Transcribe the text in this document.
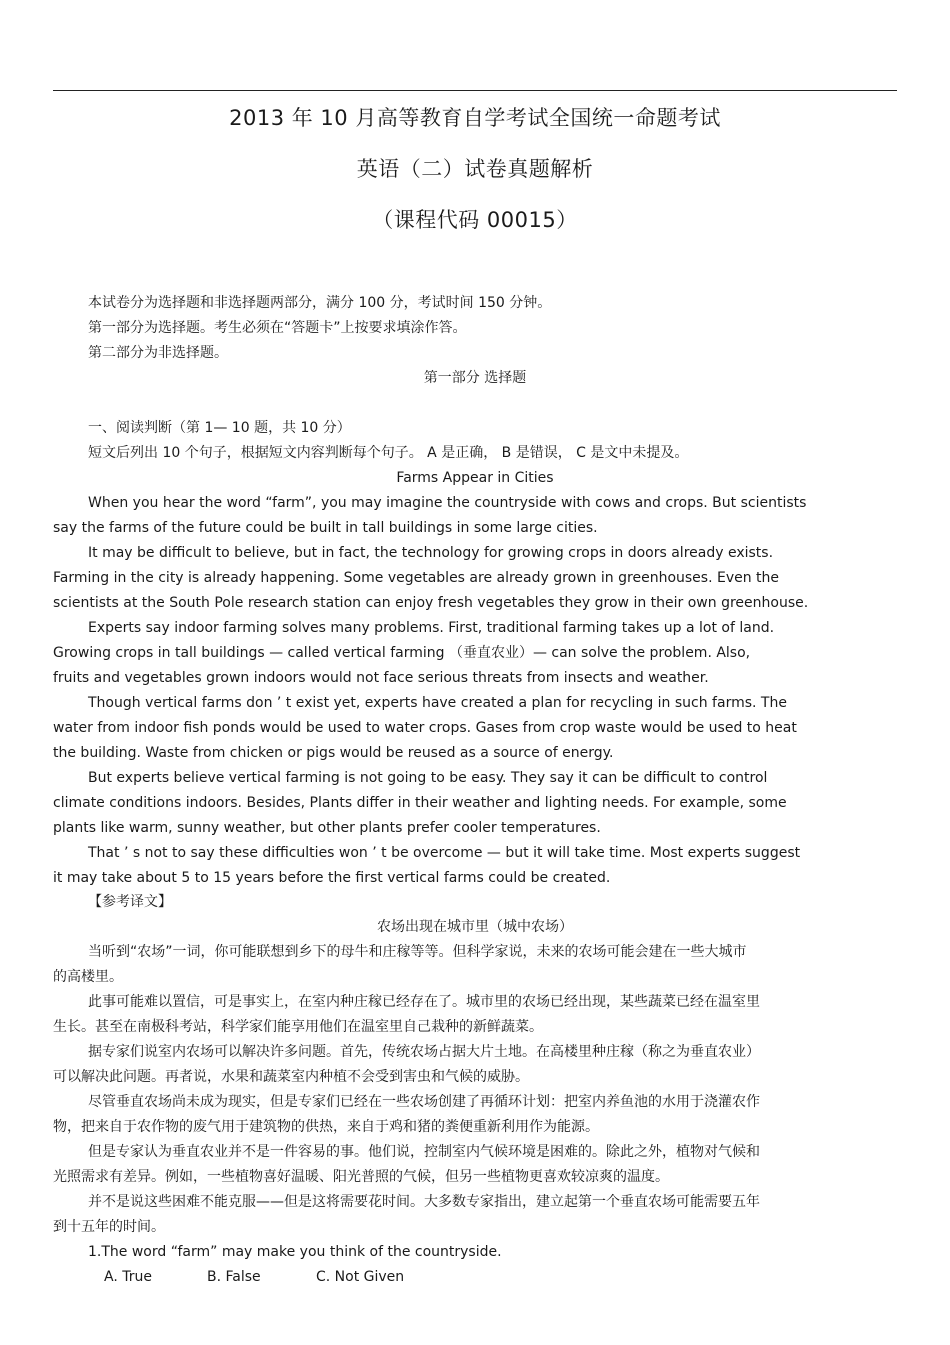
2013 年 10 月高等教育自学考试全国统一命题考试
英语（二）试卷真题解析
（课程代码 00015）
本试卷分为选择题和非选择题两部分，满分 100 分，考试时间 150 分钟。
第一部分为选择题。考生必须在“答题卡”上按要求填涂作答。
第二部分为非选择题。
第一部分 选择题
一、阅读判断（第 1— 10 题，共 10 分）
短文后列出 10 个句子，根据短文内容判断每个句子。 A 是正确， B 是错误， C 是文中未提及。
Farms Appear in Cities
When you hear the word “farm”, you may imagine the countryside with cows and crops. But scientists
say the farms of the future could be built in tall buildings in some large cities.
It may be difficult to believe, but in fact, the technology for growing crops in doors already exists.
Farming in the city is already happening. Some vegetables are already grown in greenhouses. Even the
scientists at the South Pole research station can enjoy fresh vegetables they grow in their own greenhouse.
Experts say indoor farming solves many problems. First, traditional farming takes up a lot of land.
Growing crops in tall buildings — called vertical farming （垂直农业）— can solve the problem. Also,
fruits and vegetables grown indoors would not face serious threats from insects and weather.
Though vertical farms don ’ t exist yet, experts have created a plan for recycling in such farms. The
water from indoor fish ponds would be used to water crops. Gases from crop waste would be used to heat
the building. Waste from chicken or pigs would be reused as a source of energy.
But experts believe vertical farming is not going to be easy. They say it can be difficult to control
climate conditions indoors. Besides, Plants differ in their weather and lighting needs. For example, some
plants like warm, sunny weather, but other plants prefer cooler temperatures.
That ’ s not to say these difficulties won ’ t be overcome — but it will take time. Most experts suggest
it may take about 5 to 15 years before the first vertical farms could be created.
【参考译文】
农场出现在城市里（城中农场）
当听到“农场”一词，你可能联想到乡下的母牛和庄稼等等。但科学家说，未来的农场可能会建在一些大城市
的高楼里。
此事可能难以置信，可是事实上，在室内种庄稼已经存在了。城市里的农场已经出现，某些蔬菜已经在温室里
生长。甚至在南极科考站，科学家们能享用他们在温室里自己栽种的新鲜蔬菜。
据专家们说室内农场可以解决许多问题。首先，传统农场占据大片土地。在高楼里种庄稼（称之为垂直农业）
可以解决此问题。再者说，水果和蔬菜室内种植不会受到害虫和气候的威胁。
尽管垂直农场尚未成为现实，但是专家们已经在一些农场创建了再循环计划：把室内养鱼池的水用于浇灌农作
物，把来自于农作物的废气用于建筑物的供热，来自于鸡和猪的粪便重新利用作为能源。
但是专家认为垂直农业并不是一件容易的事。他们说，控制室内气候环境是困难的。除此之外，植物对气候和
光照需求有差异。例如，一些植物喜好温暖、阳光普照的气候，但另一些植物更喜欢较凉爽的温度。
并不是说这些困难不能克服——但是这将需要花时间。大多数专家指出，建立起第一个垂直农场可能需要五年
到十五年的时间。
1.The word “farm” may make you think of the countryside.
A. True	B. False	C. Not Given
